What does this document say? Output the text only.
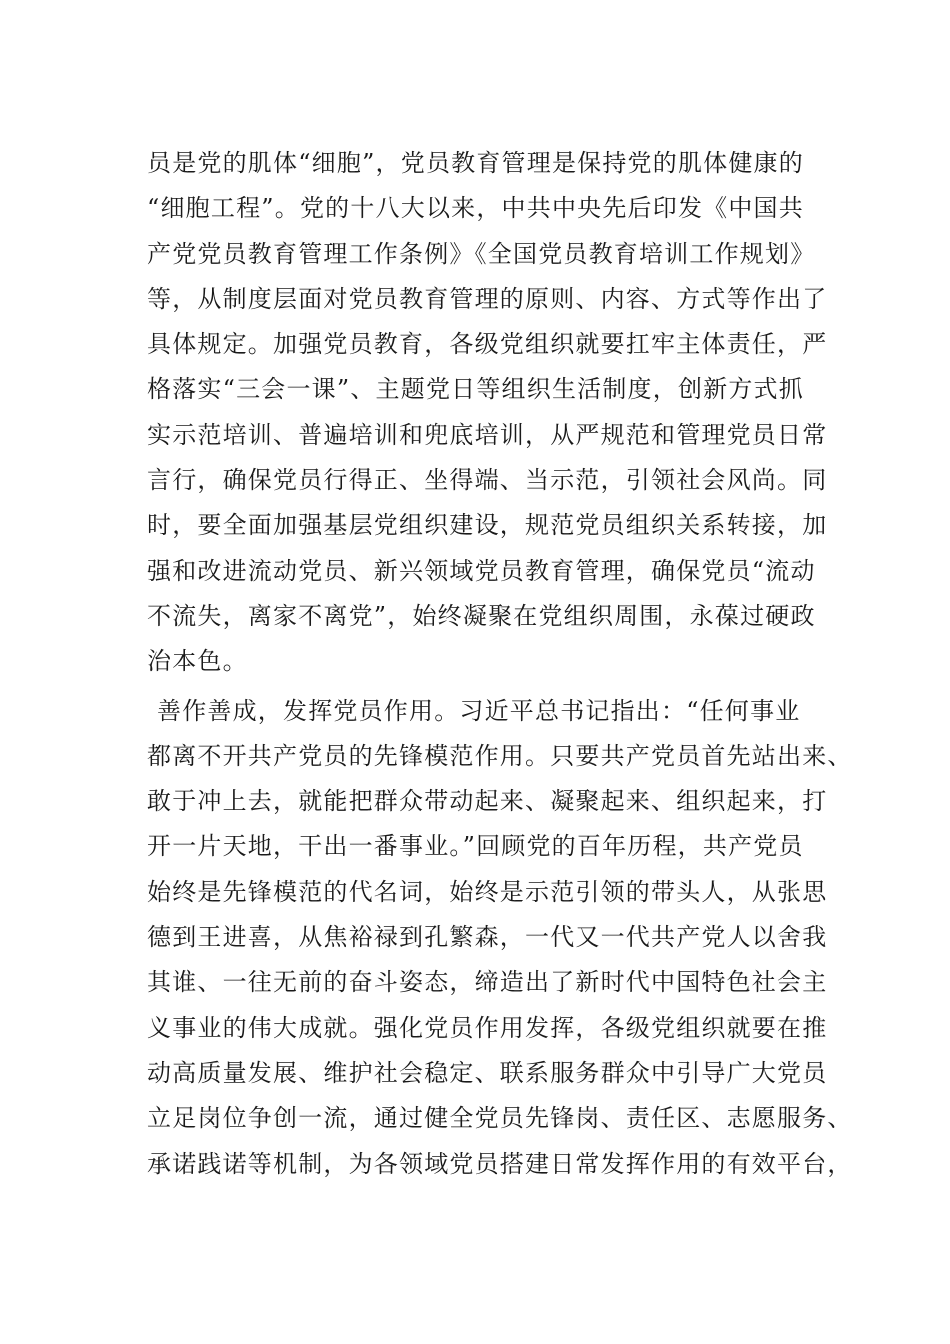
员是党的肌体“细胞”，党员教育管理是保持党的肌体健康的
“细胞工程”。党的十八大以来，中共中央先后印发《中国共
产党党员教育管理工作条例》《全国党员教育培训工作规划》
等，从制度层面对党员教育管理的原则、内容、方式等作出了
具体规定。加强党员教育，各级党组织就要扛牢主体责任，严
格落实“三会一课”、主题党日等组织生活制度，创新方式抓
实示范培训、普遍培训和兜底培训，从严规范和管理党员日常
言行，确保党员行得正、坐得端、当示范，引领社会风尚。同
时，要全面加强基层党组织建设，规范党员组织关系转接，加
强和改进流动党员、新兴领域党员教育管理，确保党员“流动
不流失，离家不离党”，始终凝聚在党组织周围，永葆过硬政
治本色。
善作善成，发挥党员作用。习近平总书记指出：“任何事业
都离不开共产党员的先锋模范作用。只要共产党员首先站出来、
敢于冲上去，就能把群众带动起来、凝聚起来、组织起来，打
开一片天地，干出一番事业。”回顾党的百年历程，共产党员
始终是先锋模范的代名词，始终是示范引领的带头人，从张思
德到王进喜，从焦裕禄到孔繁森，一代又一代共产党人以舍我
其谁、一往无前的奋斗姿态，缔造出了新时代中国特色社会主
义事业的伟大成就。强化党员作用发挥，各级党组织就要在推
动高质量发展、维护社会稳定、联系服务群众中引导广大党员
立足岗位争创一流，通过健全党员先锋岗、责任区、志愿服务、
承诺践诺等机制，为各领域党员搭建日常发挥作用的有效平台，
